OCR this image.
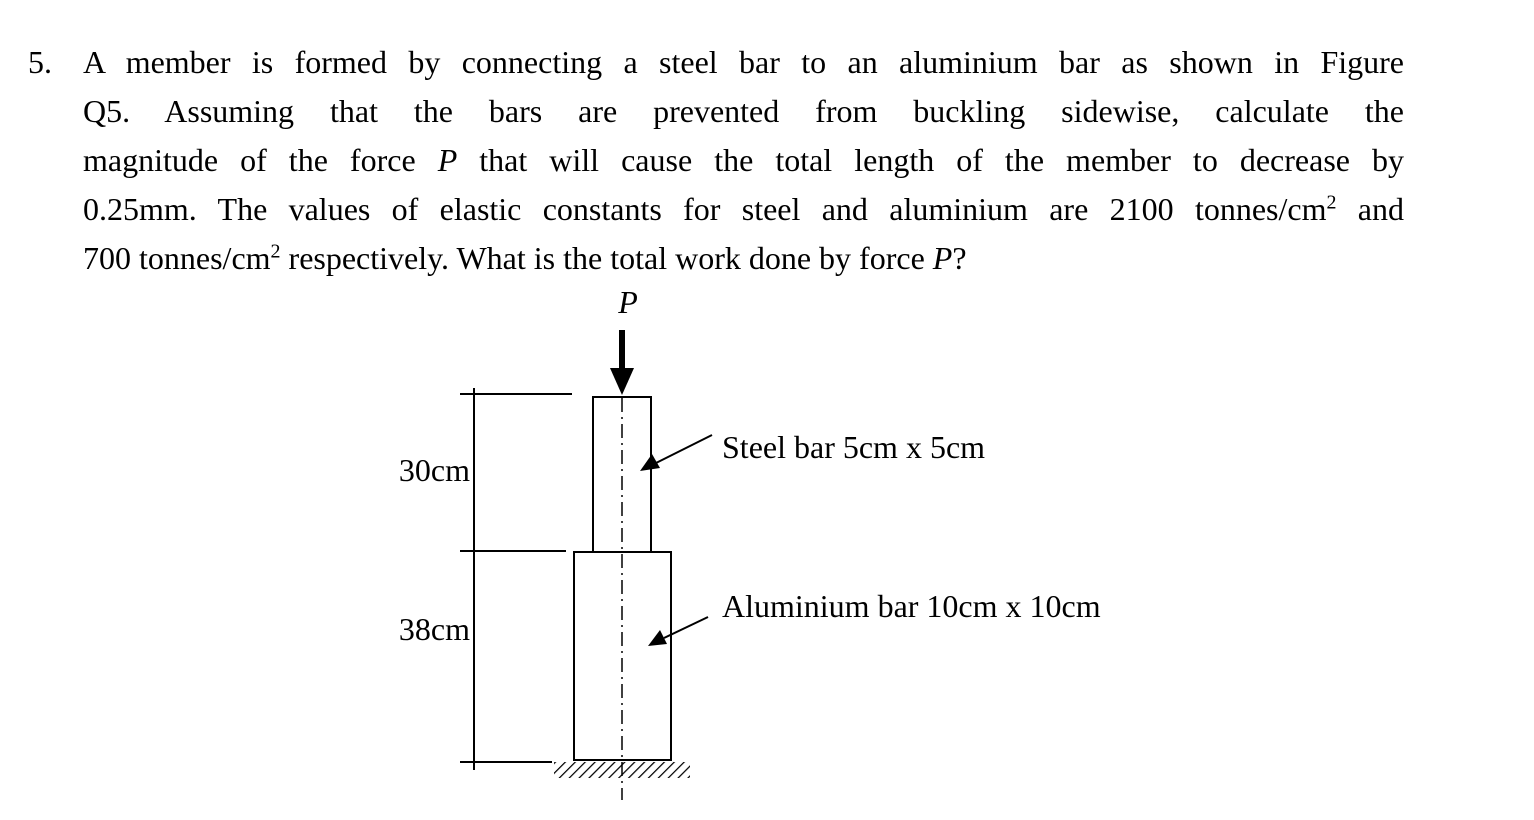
5. A member is formed by connecting a steel bar to an aluminium bar as shown in Figure
Q5. Assuming that the bars are prevented from buckling sidewise, calculate the
magnitude of the force P that will cause the total length of the member to decrease by
0.25mm. The values of elastic constants for steel and aluminium are 2100 tonnes/$cm^2$ and
700 tonnes/$cm^2$ respectively. What is the total work done by force P?
P
30cm
38cm
Steel bar 5cm x 5cm
Aluminium bar 10cm x 10cm
